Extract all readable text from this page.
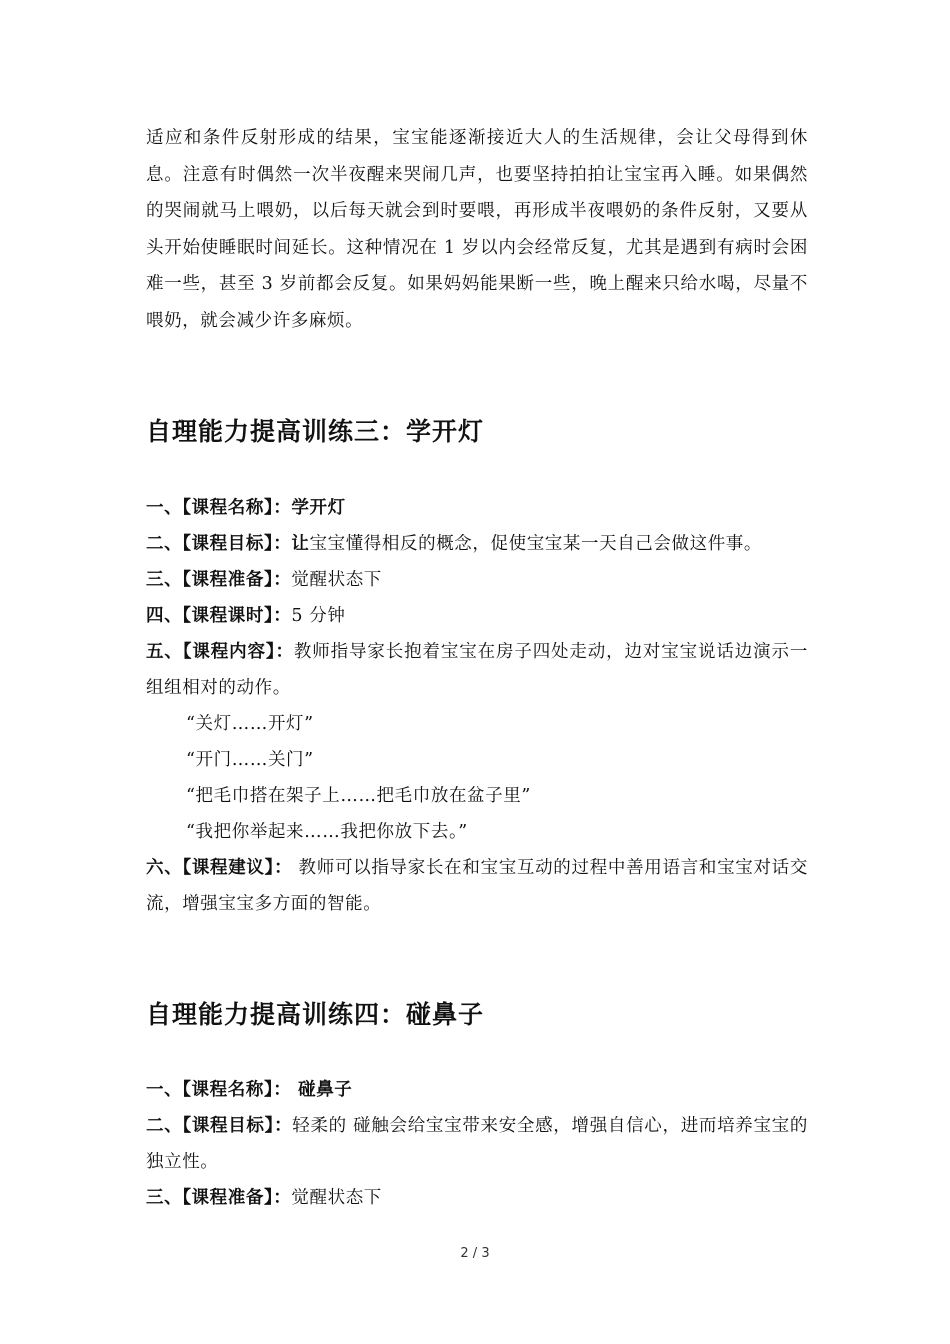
适应和条件反射形成的结果，宝宝能逐渐接近大人的生活规律，会让父母得到休息。注意有时偶然一次半夜醒来哭闹几声，也要坚持拍拍让宝宝再入睡。如果偶然的哭闹就马上喂奶，以后每天就会到时要喂，再形成半夜喂奶的条件反射，又要从头开始使睡眠时间延长。这种情况在 1 岁以内会经常反复，尤其是遇到有病时会困难一些，甚至 3 岁前都会反复。如果妈妈能果断一些，晚上醒来只给水喝，尽量不喂奶，就会减少许多麻烦。

自理能力提高训练三：学开灯

一、【课程名称】：学开灯

二、【课程目标】：让宝宝懂得相反的概念，促使宝宝某一天自己会做这件事。

三、【课程准备】：觉醒状态下

四、【课程课时】：5 分钟

五、【课程内容】：教师指导家长抱着宝宝在房子四处走动，边对宝宝说话边演示一组组相对的动作。

“关灯……开灯”

“开门……关门”

“把毛巾搭在架子上……把毛巾放在盆子里”

“我把你举起来……我把你放下去。”

六、【课程建议】： 教师可以指导家长在和宝宝互动的过程中善用语言和宝宝对话交流，增强宝宝多方面的智能。

自理能力提高训练四：碰鼻子

一、【课程名称】： 碰鼻子

二、【课程目标】：轻柔的 碰触会给宝宝带来安全感，增强自信心，进而培养宝宝的独立性。

三、【课程准备】：觉醒状态下

2 / 3
